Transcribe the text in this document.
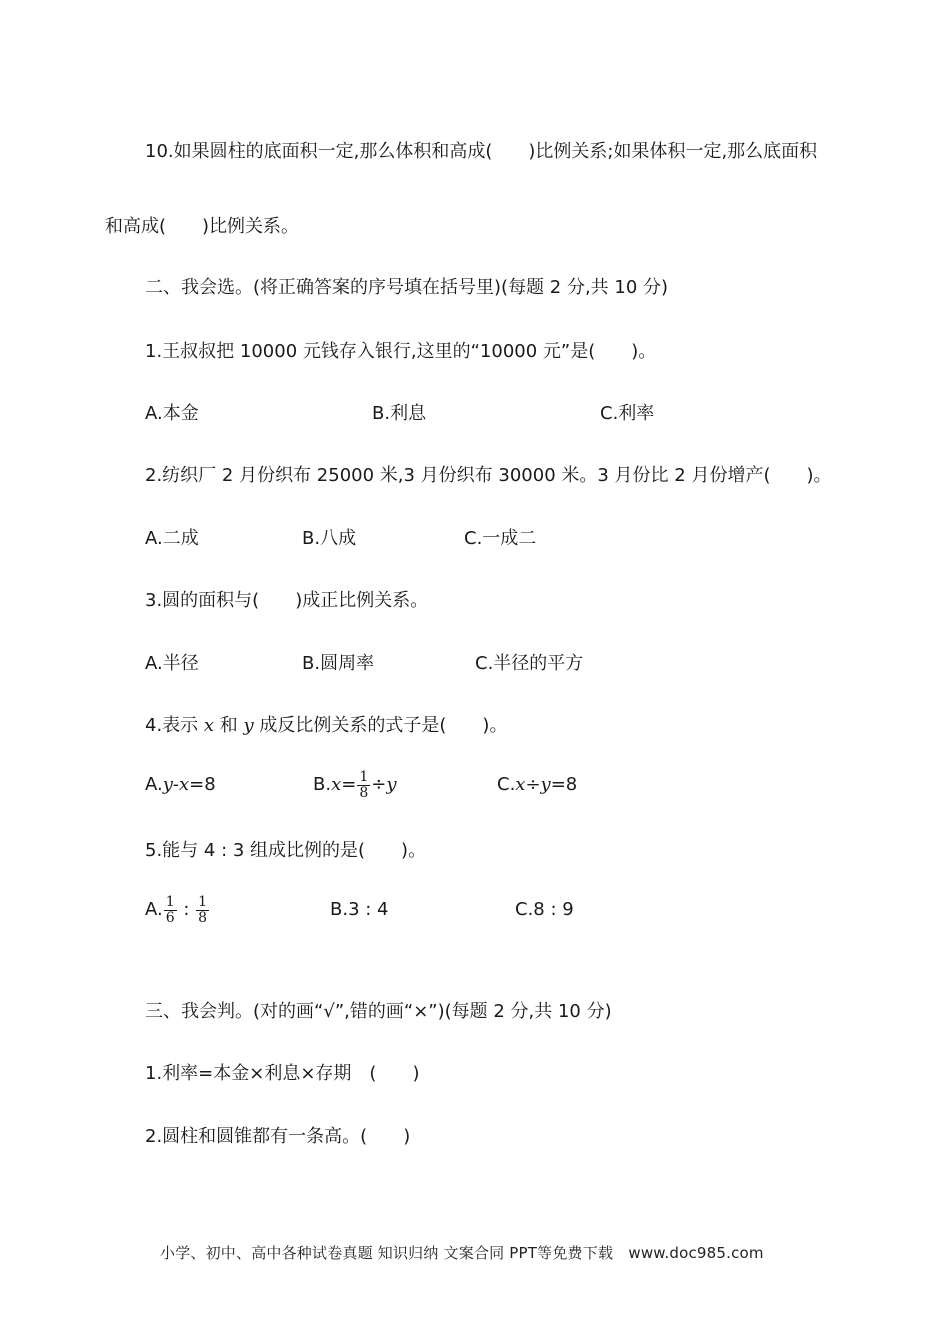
10.如果圆柱的底面积一定,那么体积和高成(　　)比例关系;如果体积一定,那么底面积
和高成(　　)比例关系。
二、我会选。(将正确答案的序号填在括号里)(每题 2 分,共 10 分)
1.王叔叔把 10000 元钱存入银行,这里的“10000 元”是(　　)。
A.本金	B.利息	C.利率
2.纺织厂 2 月份织布 25000 米,3 月份织布 30000 米。3 月份比 2 月份增产(　　)。
A.二成	B.八成	C.一成二
3.圆的面积与(　　)成正比例关系。
A.半径	B.圆周率	C.半径的平方
4.表示 x 和 y 成反比例关系的式子是(　　)。
A.y-x=8	$B.x= \frac{1}{8} \div y$	C.x÷y=8
5.能与 4 : 3 组成比例的是(　　)。
A. $\frac{1}{6}$ : $\frac{1}{8}$	B.3 : 4	C.8 : 9
三、我会判。(对的画“√”,错的画“×”)(每题 2 分,共 10 分)
1.利率=本金×利息×存期　(　　)
2.圆柱和圆锥都有一条高。(　　)
小学、初中、高中各种试卷真题 知识归纳 文案合同 PPT等免费下载　www.doc985.com
